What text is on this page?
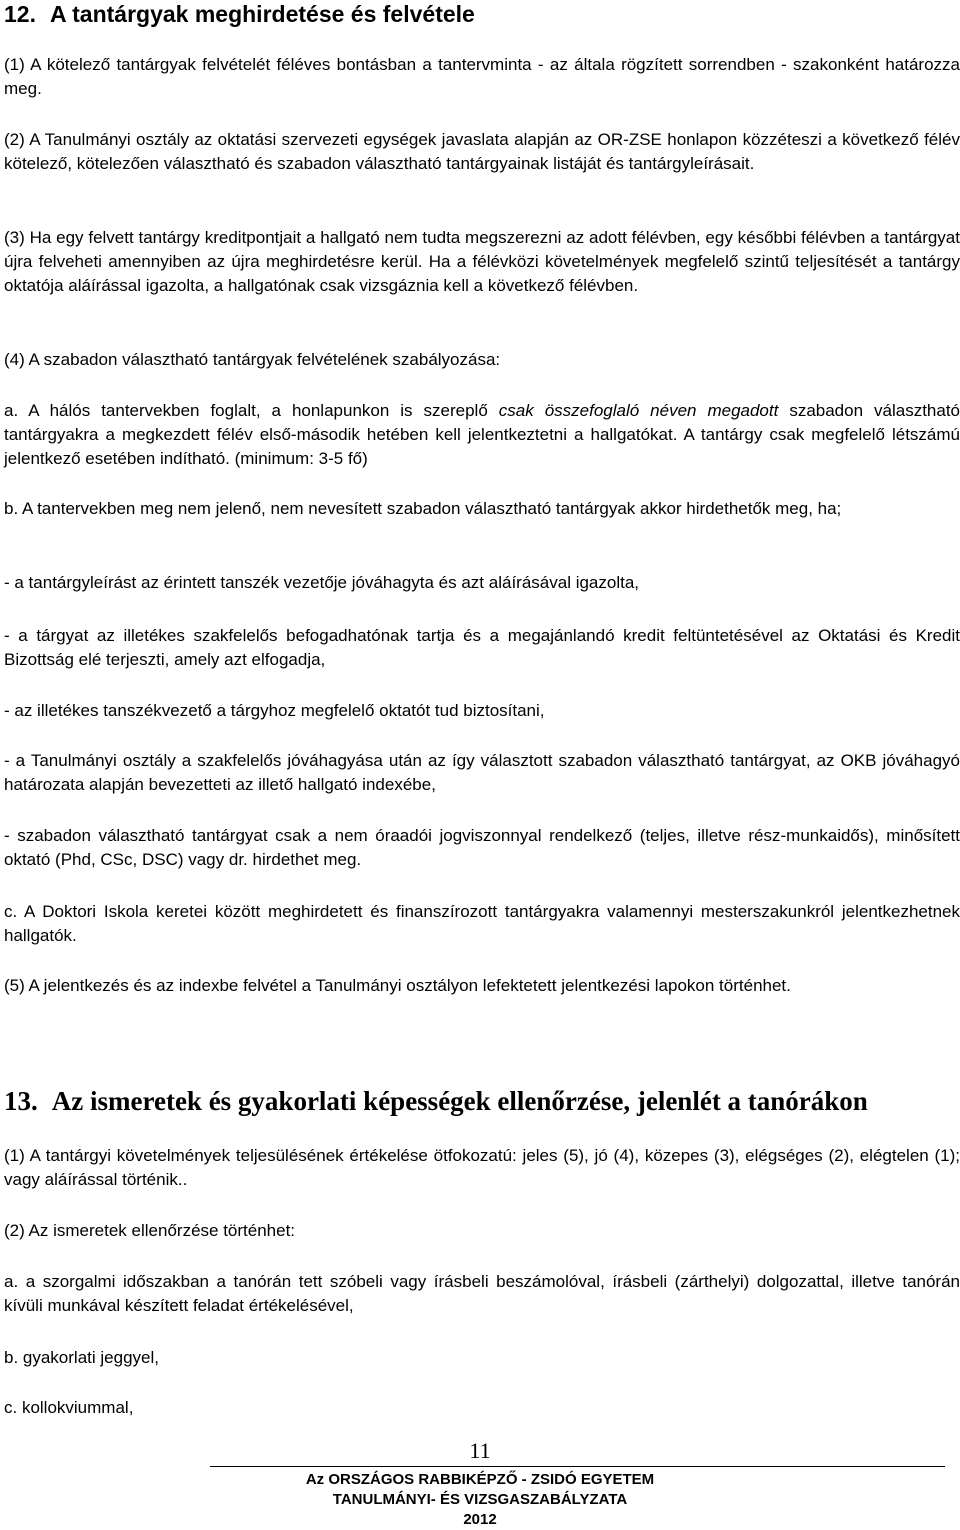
12. A tantárgyak meghirdetése és felvétele
(1) A kötelező tantárgyak felvételét féléves bontásban a tantervminta - az általa rögzített sorrendben - szakonként határozza meg.
(2) A Tanulmányi osztály az oktatási szervezeti egységek javaslata alapján az OR-ZSE honlapon közzéteszi a következő félév kötelező, kötelezően választható és szabadon választható tantárgyainak listáját és tantárgyleírásait.
(3) Ha egy felvett tantárgy kreditpontjait a hallgató nem tudta megszerezni az adott félévben, egy későbbi félévben a tantárgyat újra felveheti amennyiben az újra meghirdetésre kerül. Ha a félévközi követelmények megfelelő szintű teljesítését a tantárgy oktatója aláírással igazolta, a hallgatónak csak vizsgáznia kell a következő félévben.
(4) A szabadon választható tantárgyak felvételének szabályozása:
a. A hálós tantervekben foglalt, a honlapunkon is szereplő csak összefoglaló néven megadott szabadon választható tantárgyakra a megkezdett félév első-második hetében kell jelentkeztetni a hallgatókat. A tantárgy csak megfelelő létszámú jelentkező esetében indítható. (minimum: 3-5 fő)
b. A tantervekben meg nem jelenő, nem nevesített szabadon választható tantárgyak akkor hirdethetők meg, ha;
- a tantárgyleírást az érintett tanszék vezetője jóváhagyta és azt aláírásával igazolta,
- a tárgyat az illetékes szakfelelős befogadhatónak tartja és a megajánlandó kredit feltüntetésével az Oktatási és Kredit Bizottság elé terjeszti, amely azt elfogadja,
- az illetékes tanszékvezető a tárgyhoz megfelelő oktatót tud biztosítani,
- a Tanulmányi osztály a szakfelelős jóváhagyása után az így választott szabadon választható tantárgyat, az OKB jóváhagyó határozata alapján bevezetteti az illető hallgató indexébe,
- szabadon választható tantárgyat csak a nem óraadói jogviszonnyal rendelkező (teljes, illetve rész-munkaidős), minősített oktató (Phd, CSc, DSC) vagy dr. hirdethet meg.
c. A Doktori Iskola keretei között meghirdetett és finanszírozott tantárgyakra valamennyi mesterszakunkról jelentkezhetnek hallgatók.
(5) A jelentkezés és az indexbe felvétel a Tanulmányi osztályon lefektetett jelentkezési lapokon történhet.
13. Az ismeretek és gyakorlati képességek ellenőrzése, jelenlét a tanórákon
(1) A tantárgyi követelmények teljesülésének értékelése ötfokozatú: jeles (5), jó (4), közepes (3), elégséges (2), elégtelen (1); vagy aláírással történik..
(2) Az ismeretek ellenőrzése történhet:
a. a szorgalmi időszakban a tanórán tett szóbeli vagy írásbeli beszámolóval, írásbeli (zárthelyi) dolgozattal, illetve tanórán kívüli munkával készített feladat értékelésével,
b. gyakorlati jeggyel,
c. kollokviummal,
11
Az ORSZÁGOS RABBIKÉPZŐ - ZSIDÓ EGYETEM
TANULMÁNYI- ÉS VIZSGASZABÁLYZATA
2012
